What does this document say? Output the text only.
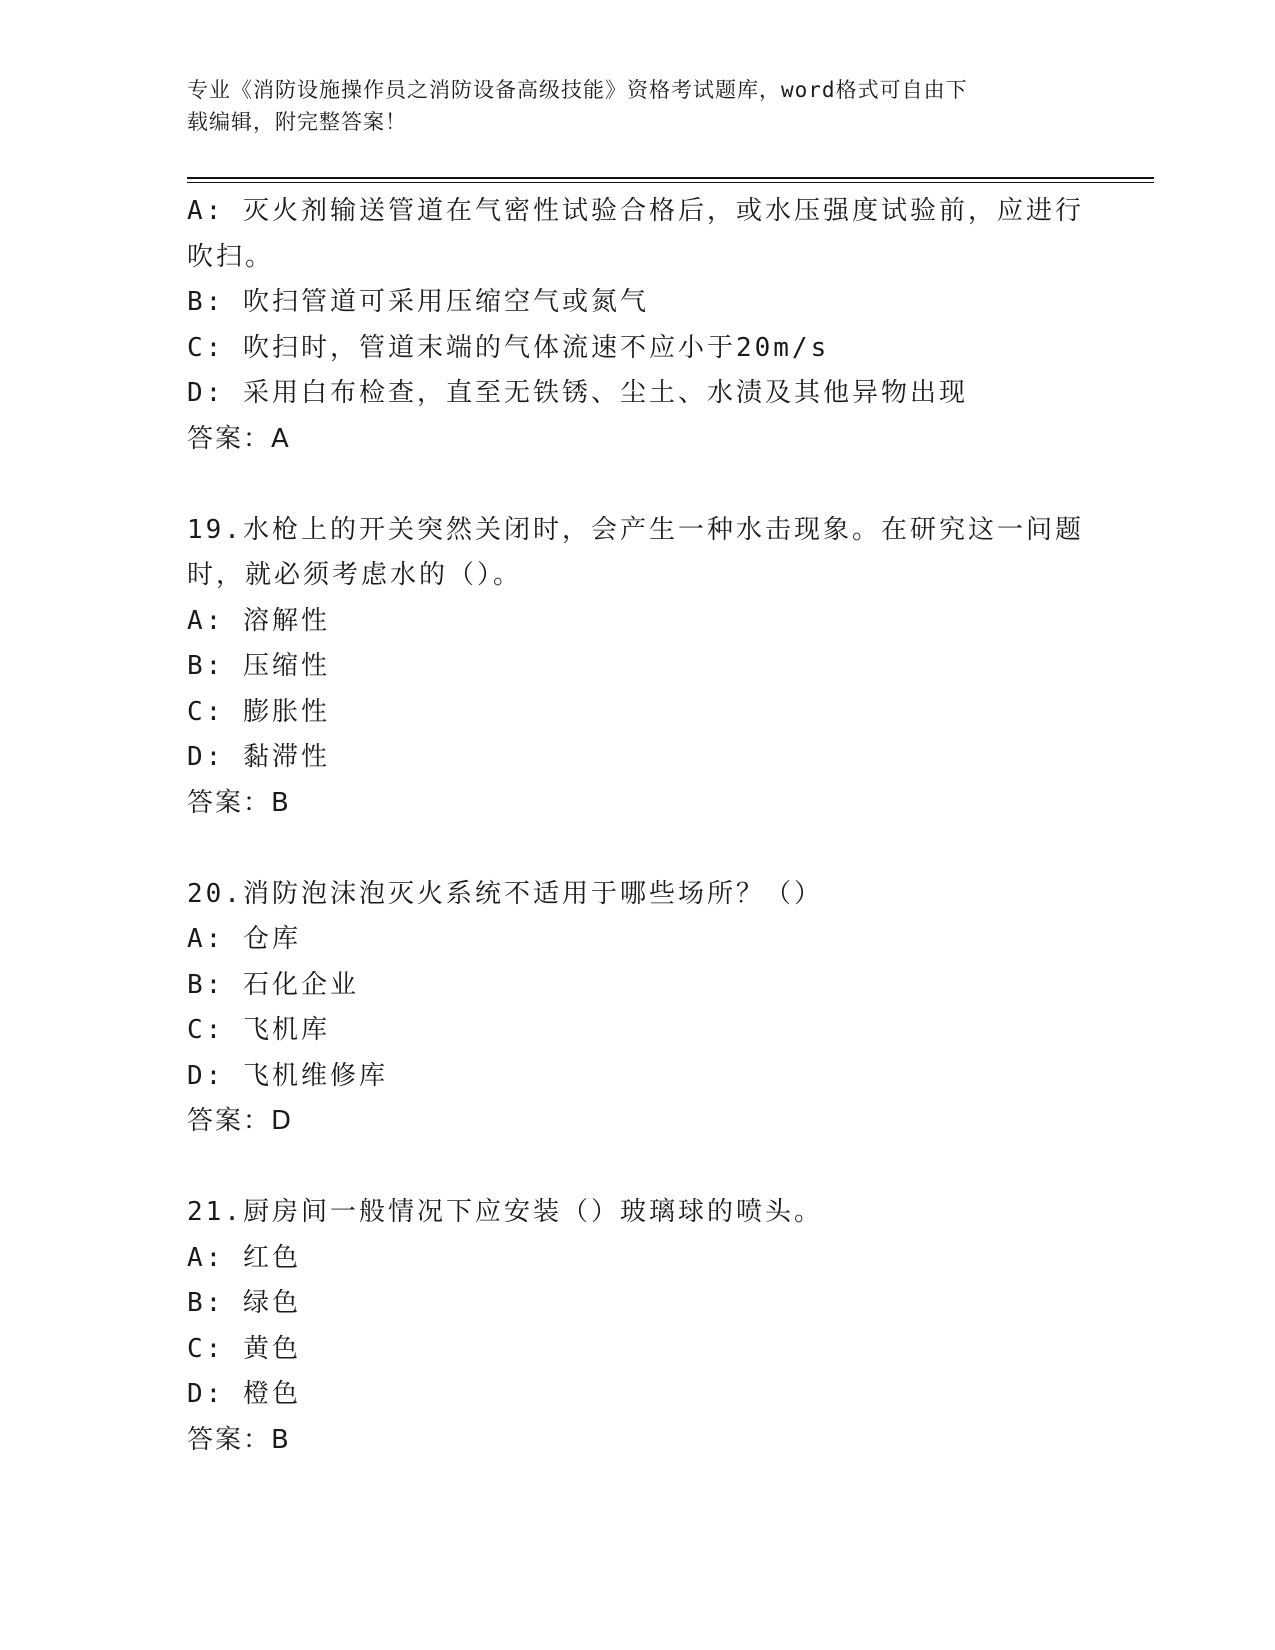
专业《消防设施操作员之消防设备高级技能》资格考试题库，word格式可自由下
载编辑，附完整答案！
A: 灭火剂输送管道在气密性试验合格后，或水压强度试验前，应进行
吹扫。
B: 吹扫管道可采用压缩空气或氮气
C: 吹扫时，管道末端的气体流速不应小于20m/s
D: 采用白布检查，直至无铁锈、尘土、水渍及其他异物出现
答案：A
19.水枪上的开关突然关闭时，会产生一种水击现象。在研究这一问题
时，就必须考虑水的（）。
A: 溶解性
B: 压缩性
C: 膨胀性
D: 黏滞性
答案：B
20.消防泡沫泡灭火系统不适用于哪些场所？（）
A: 仓库
B: 石化企业
C: 飞机库
D: 飞机维修库
答案：D
21.厨房间一般情况下应安装（）玻璃球的喷头。
A: 红色
B: 绿色
C: 黄色
D: 橙色
答案：B
